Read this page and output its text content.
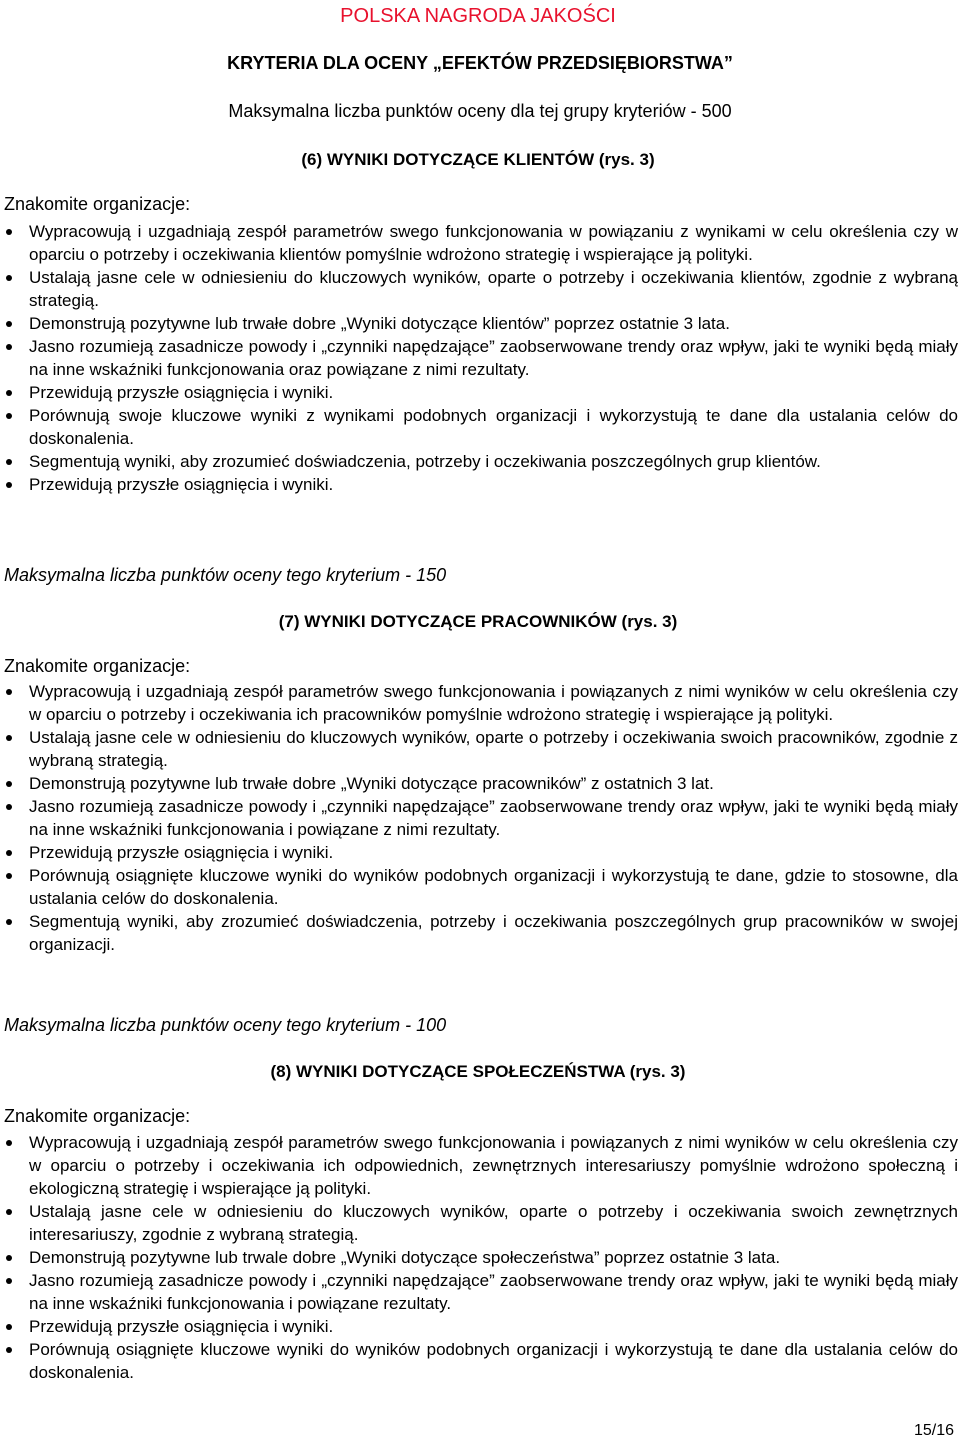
POLSKA NAGRODA JAKOŚCI
KRYTERIA DLA OCENY „EFEKTÓW PRZEDSIĘBIORSTWA”
Maksymalna liczba punktów oceny dla tej grupy kryteriów - 500
(6) WYNIKI DOTYCZĄCE KLIENTÓW (rys. 3)
Znakomite organizacje:
Wypracowują i uzgadniają zespół parametrów swego funkcjonowania w powiązaniu z wynikami w celu określenia czy w oparciu o potrzeby i oczekiwania klientów pomyślnie wdrożono strategię i wspierające ją polityki.
Ustalają jasne cele w odniesieniu do kluczowych wyników, oparte o potrzeby i oczekiwania klientów, zgodnie z wybraną strategią.
Demonstrują pozytywne lub trwałe dobre „Wyniki dotyczące klientów” poprzez ostatnie 3 lata.
Jasno rozumieją zasadnicze powody i „czynniki napędzające” zaobserwowane trendy oraz wpływ, jaki te wyniki będą miały na inne wskaźniki funkcjonowania oraz powiązane z nimi rezultaty.
Przewidują przyszłe osiągnięcia i wyniki.
Porównują swoje kluczowe wyniki z wynikami podobnych organizacji i wykorzystują te dane dla ustalania celów do doskonalenia.
Segmentują wyniki, aby zrozumieć doświadczenia, potrzeby i oczekiwania poszczególnych grup klientów.
Przewidują przyszłe osiągnięcia i wyniki.
Maksymalna liczba punktów oceny tego kryterium - 150
(7) WYNIKI DOTYCZĄCE PRACOWNIKÓW (rys. 3)
Znakomite organizacje:
Wypracowują i uzgadniają zespół parametrów swego funkcjonowania i powiązanych z nimi wyników w celu określenia czy w oparciu o potrzeby i oczekiwania ich pracowników pomyślnie wdrożono strategię i wspierające ją polityki.
Ustalają jasne cele w odniesieniu do kluczowych wyników, oparte o potrzeby i oczekiwania swoich pracowników, zgodnie z wybraną strategią.
Demonstrują pozytywne lub trwałe dobre „Wyniki dotyczące pracowników” z ostatnich 3 lat.
Jasno rozumieją zasadnicze powody i „czynniki napędzające” zaobserwowane trendy oraz wpływ, jaki te wyniki będą miały na inne wskaźniki funkcjonowania i powiązane z nimi rezultaty.
Przewidują przyszłe osiągnięcia i wyniki.
Porównują osiągnięte kluczowe wyniki do wyników podobnych organizacji i wykorzystują te dane, gdzie to stosowne, dla ustalania celów do doskonalenia.
Segmentują wyniki, aby zrozumieć doświadczenia, potrzeby i oczekiwania poszczególnych grup pracowników w swojej organizacji.
Maksymalna liczba punktów oceny tego kryterium - 100
(8) WYNIKI DOTYCZĄCE SPOŁECZEŃSTWA (rys. 3)
Znakomite organizacje:
Wypracowują i uzgadniają zespół parametrów swego funkcjonowania i powiązanych z nimi wyników w celu określenia czy w oparciu o potrzeby i oczekiwania ich odpowiednich, zewnętrznych interesariuszy pomyślnie wdrożono społeczną i ekologiczną strategię i wspierające ją polityki.
Ustalają jasne cele w odniesieniu do kluczowych wyników, oparte o potrzeby i oczekiwania swoich zewnętrznych interesariuszy, zgodnie z wybraną strategią.
Demonstrują pozytywne lub trwale dobre „Wyniki dotyczące społeczeństwa” poprzez ostatnie 3 lata.
Jasno rozumieją zasadnicze powody i „czynniki napędzające” zaobserwowane trendy oraz wpływ, jaki te wyniki będą miały na inne wskaźniki funkcjonowania i powiązane rezultaty.
Przewidują przyszłe osiągnięcia i wyniki.
Porównują osiągnięte kluczowe wyniki do wyników podobnych organizacji i wykorzystują te dane dla ustalania celów do doskonalenia.
15/16
